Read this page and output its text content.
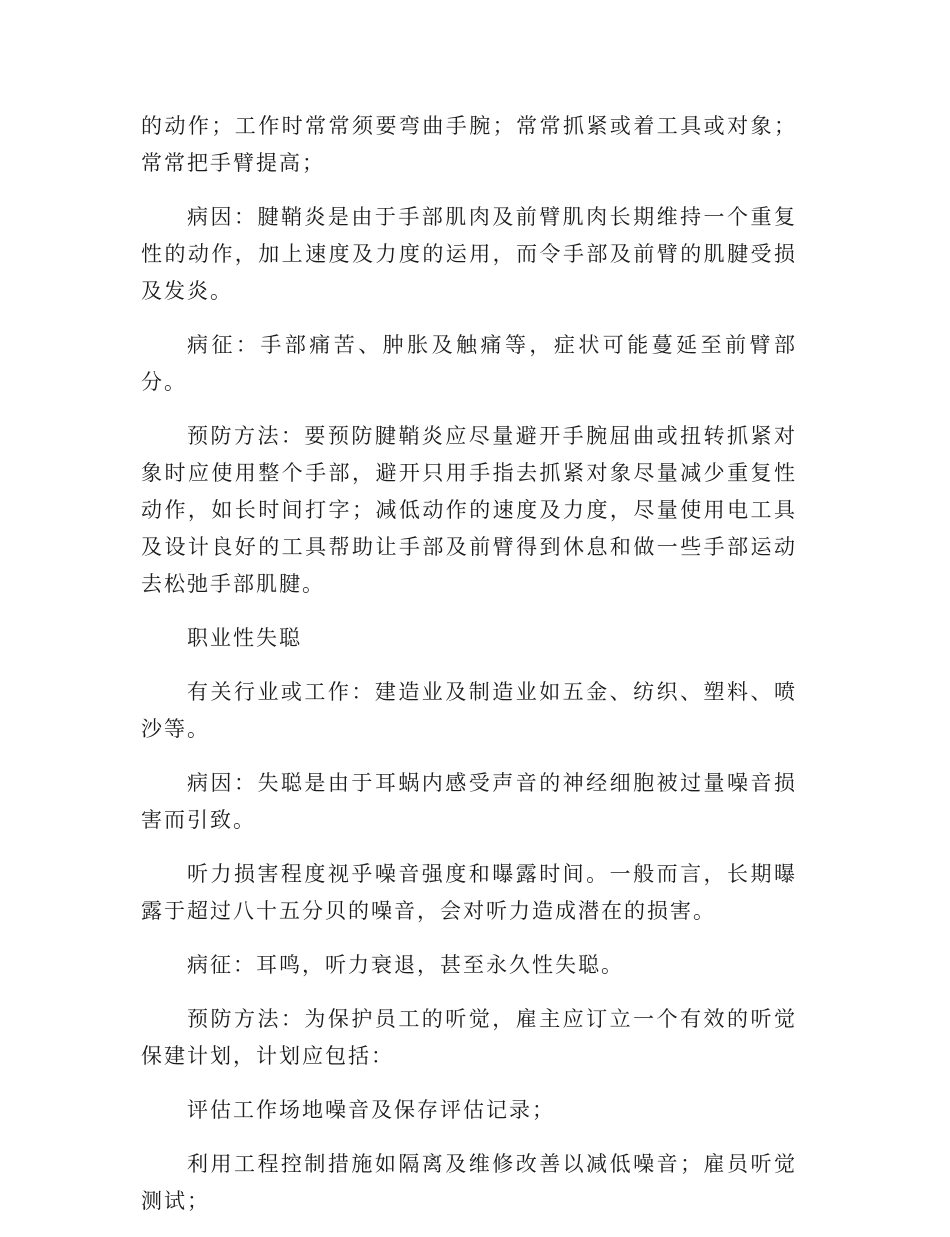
的动作；工作时常常须要弯曲手腕；常常抓紧或着工具或对象；常常把手臂提高；

病因：腱鞘炎是由于手部肌肉及前臂肌肉长期维持一个重复性的动作，加上速度及力度的运用，而令手部及前臂的肌腱受损及发炎。

病征：手部痛苦、肿胀及触痛等，症状可能蔓延至前臂部分。

预防方法：要预防腱鞘炎应尽量避开手腕屈曲或扭转抓紧对象时应使用整个手部，避开只用手指去抓紧对象尽量减少重复性动作，如长时间打字；减低动作的速度及力度，尽量使用电工具及设计良好的工具帮助让手部及前臂得到休息和做一些手部运动去松弛手部肌腱。

职业性失聪

有关行业或工作：建造业及制造业如五金、纺织、塑料、喷沙等。

病因：失聪是由于耳蜗内感受声音的神经细胞被过量噪音损害而引致。

听力损害程度视乎噪音强度和曝露时间。一般而言，长期曝露于超过八十五分贝的噪音，会对听力造成潜在的损害。

病征：耳鸣，听力衰退，甚至永久性失聪。

预防方法：为保护员工的听觉，雇主应订立一个有效的听觉保建计划，计划应包括：

评估工作场地噪音及保存评估记录；

利用工程控制措施如隔离及维修改善以减低噪音；雇员听觉测试；
